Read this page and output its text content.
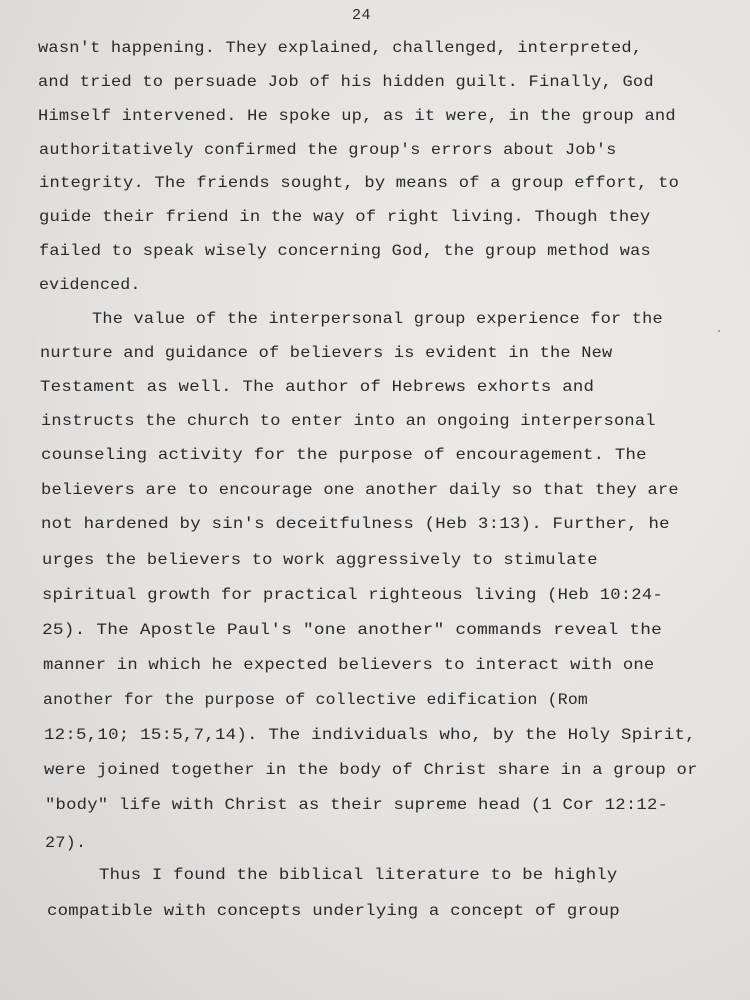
24
wasn't happening. They explained, challenged, interpreted,
and tried to persuade Job of his hidden guilt. Finally, God
Himself intervened. He spoke up, as it were, in the group and
authoritatively confirmed the group's errors about Job's
integrity. The friends sought, by means of a group effort, to
guide their friend in the way of right living. Though they
failed to speak wisely concerning God, the group method was
evidenced.
The value of the interpersonal group experience for the
nurture and guidance of believers is evident in the New
Testament as well. The author of Hebrews exhorts and
instructs the church to enter into an ongoing interpersonal
counseling activity for the purpose of encouragement. The
believers are to encourage one another daily so that they are
not hardened by sin's deceitfulness (Heb 3:13). Further, he
urges the believers to work aggressively to stimulate
spiritual growth for practical righteous living (Heb 10:24-
25). The Apostle Paul's "one another" commands reveal the
manner in which he expected believers to interact with one
another for the purpose of collective edification (Rom
12:5,10; 15:5,7,14). The individuals who, by the Holy Spirit,
were joined together in the body of Christ share in a group or
"body" life with Christ as their supreme head (1 Cor 12:12-
27).
Thus I found the biblical literature to be highly
compatible with concepts underlying a concept of group
